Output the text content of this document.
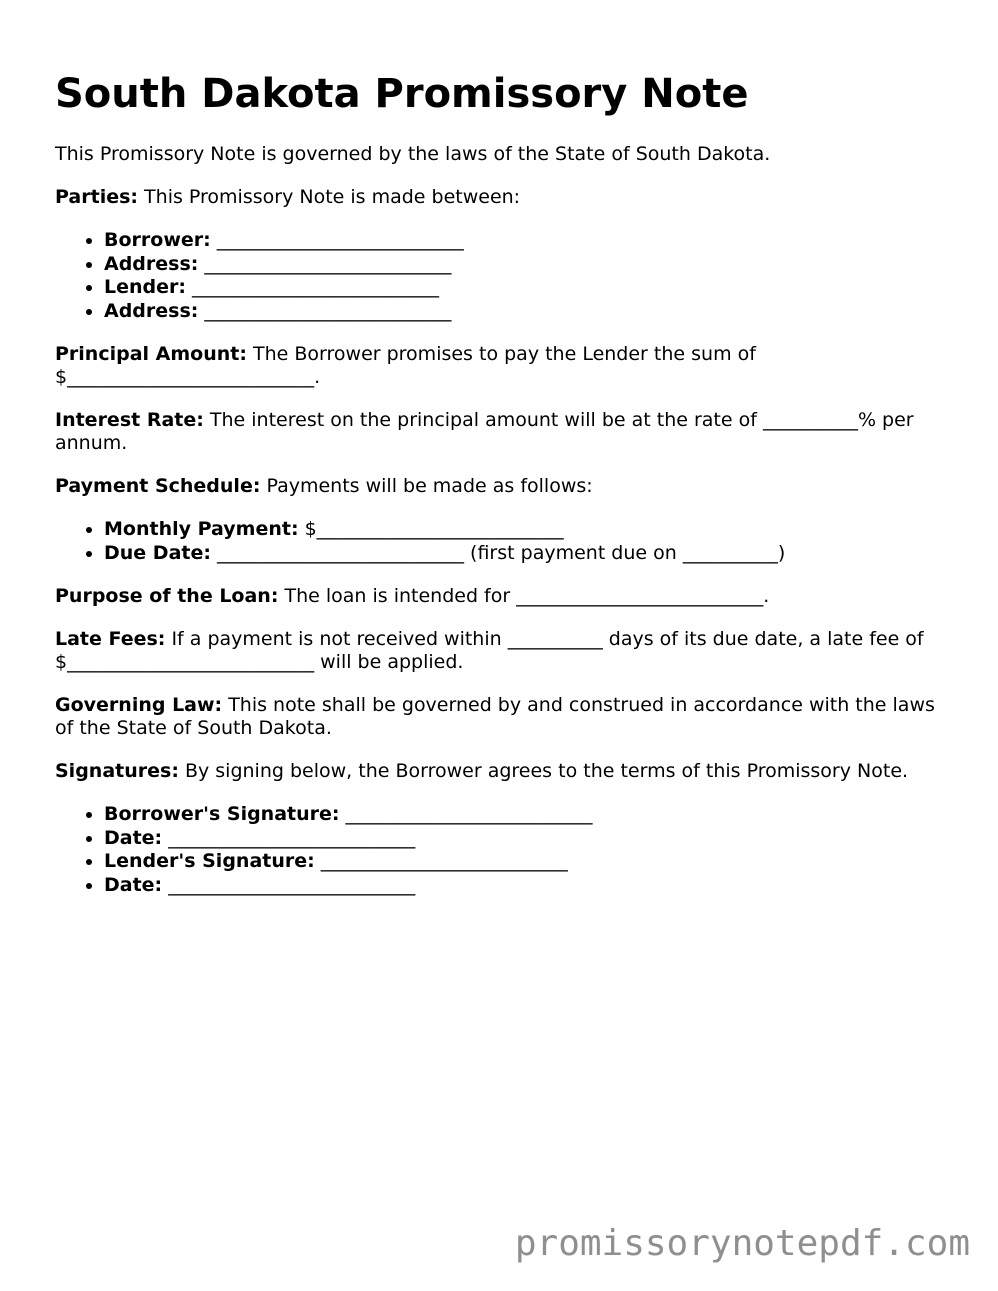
South Dakota Promissory Note

This Promissory Note is governed by the laws of the State of South Dakota.

Parties: This Promissory Note is made between:

• Borrower: __________________________
• Address: __________________________
• Lender: __________________________
• Address: __________________________

Principal Amount: The Borrower promises to pay the Lender the sum of $__________________________.

Interest Rate: The interest on the principal amount will be at the rate of __________% per annum.

Payment Schedule: Payments will be made as follows:

• Monthly Payment: $__________________________
• Due Date: __________________________ (first payment due on __________)

Purpose of the Loan: The loan is intended for __________________________.

Late Fees: If a payment is not received within __________ days of its due date, a late fee of $__________________________ will be applied.

Governing Law: This note shall be governed by and construed in accordance with the laws of the State of South Dakota.

Signatures: By signing below, the Borrower agrees to the terms of this Promissory Note.

• Borrower's Signature: __________________________
• Date: __________________________
• Lender's Signature: __________________________
• Date: __________________________
promissorynotepdf.com
